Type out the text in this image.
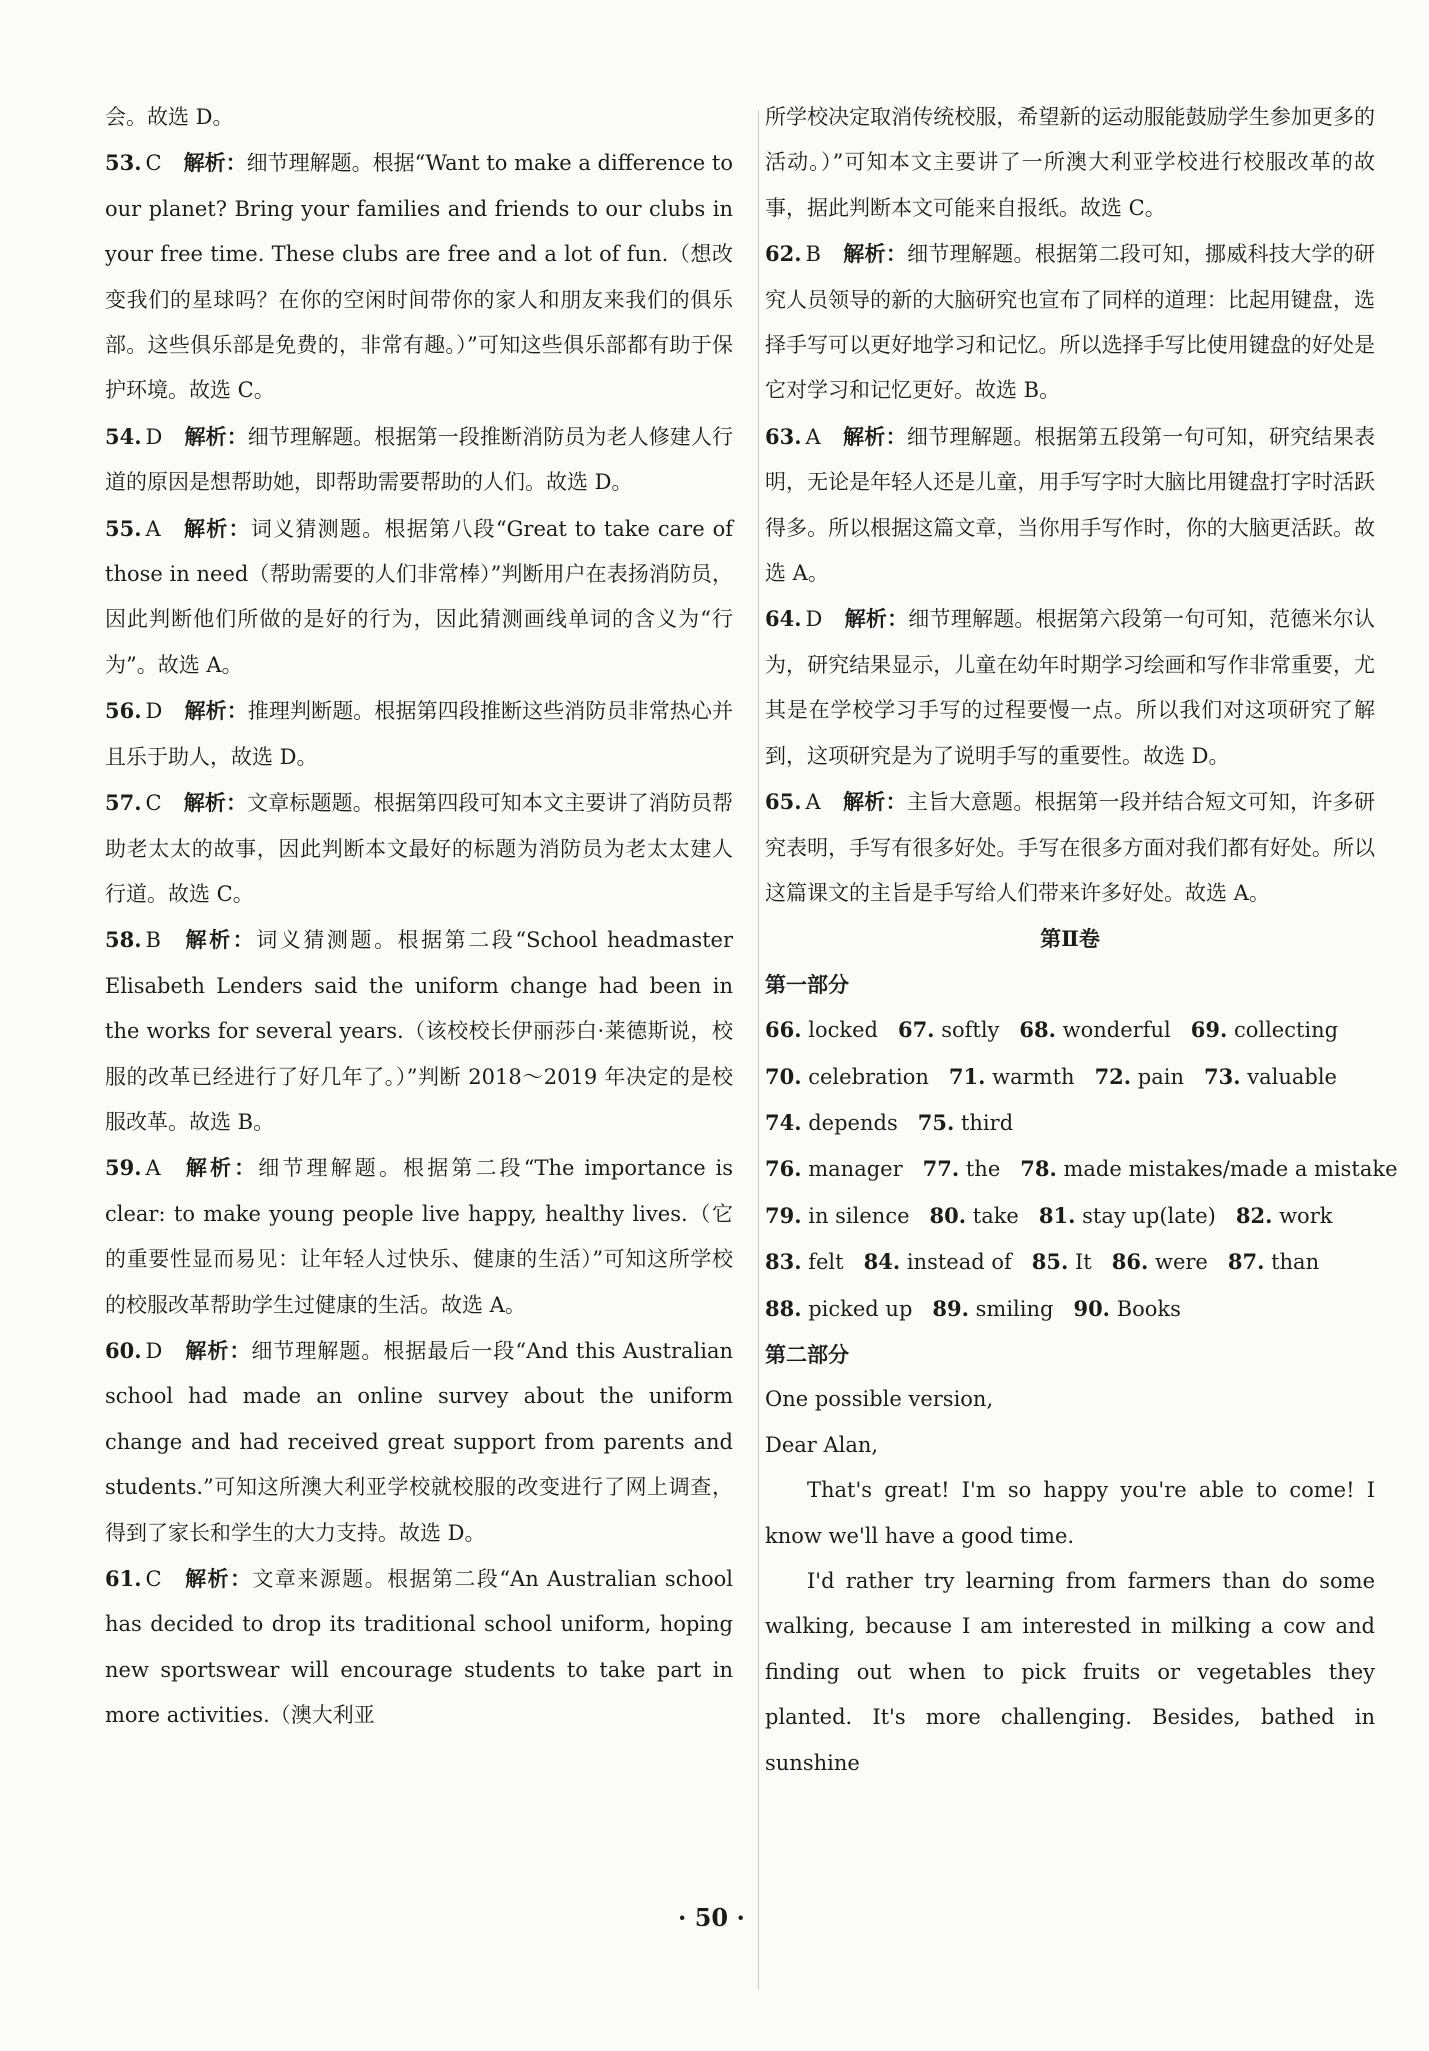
会。故选 D。
53. C 解析：细节理解题。根据“Want to make a difference to our planet? Bring your families and friends to our clubs in your free time. These clubs are free and a lot of fun.（想改变我们的星球吗？在你的空闲时间带你的家人和朋友来我们的俱乐部。这些俱乐部是免费的，非常有趣。）”可知这些俱乐部都有助于保护环境。故选 C。
54. D 解析：细节理解题。根据第一段推断消防员为老人修建人行道的原因是想帮助她，即帮助需要帮助的人们。故选 D。
55. A 解析：词义猜测题。根据第八段“Great to take care of those in need（帮助需要的人们非常棒）”判断用户在表扬消防员，因此判断他们所做的是好的行为，因此猜测画线单词的含义为“行为”。故选 A。
56. D 解析：推理判断题。根据第四段推断这些消防员非常热心并且乐于助人，故选 D。
57. C 解析：文章标题题。根据第四段可知本文主要讲了消防员帮助老太太的故事，因此判断本文最好的标题为消防员为老太太建人行道。故选 C。
58. B 解析：词义猜测题。根据第二段“School headmaster Elisabeth Lenders said the uniform change had been in the works for several years.（该校校长伊丽莎白·莱德斯说，校服的改革已经进行了好几年了。）”判断 2018～2019 年决定的是校服改革。故选 B。
59. A 解析：细节理解题。根据第二段“The importance is clear: to make young people live happy, healthy lives.（它的重要性显而易见：让年轻人过快乐、健康的生活）”可知这所学校的校服改革帮助学生过健康的生活。故选 A。
60. D 解析：细节理解题。根据最后一段“And this Australian school had made an online survey about the uniform change and had received great support from parents and students.”可知这所澳大利亚学校就校服的改变进行了网上调查，得到了家长和学生的大力支持。故选 D。
61. C 解析：文章来源题。根据第二段“An Australian school has decided to drop its traditional school uniform, hoping new sportswear will encourage students to take part in more activities.（澳大利亚
所学校决定取消传统校服，希望新的运动服能鼓励学生参加更多的活动。）”可知本文主要讲了一所澳大利亚学校进行校服改革的故事，据此判断本文可能来自报纸。故选 C。
62. B 解析：细节理解题。根据第二段可知，挪威科技大学的研究人员领导的新的大脑研究也宣布了同样的道理：比起用键盘，选择手写可以更好地学习和记忆。所以选择手写比使用键盘的好处是它对学习和记忆更好。故选 B。
63. A 解析：细节理解题。根据第五段第一句可知，研究结果表明，无论是年轻人还是儿童，用手写字时大脑比用键盘打字时活跃得多。所以根据这篇文章，当你用手写作时，你的大脑更活跃。故选 A。
64. D 解析：细节理解题。根据第六段第一句可知，范德米尔认为，研究结果显示，儿童在幼年时期学习绘画和写作非常重要，尤其是在学校学习手写的过程要慢一点。所以我们对这项研究了解到，这项研究是为了说明手写的重要性。故选 D。
65. A 解析：主旨大意题。根据第一段并结合短文可知，许多研究表明，手写有很多好处。手写在很多方面对我们都有好处。所以这篇课文的主旨是手写给人们带来许多好处。故选 A。
第Ⅱ卷
第一部分
66. locked 67. softly 68. wonderful 69. collecting
70. celebration 71. warmth 72. pain 73. valuable
74. depends 75. third
76. manager 77. the 78. made mistakes/made a mistake
79. in silence 80. take 81. stay up(late) 82. work
83. felt 84. instead of 85. It 86. were 87. than
88. picked up 89. smiling 90. Books
第二部分
One possible version,
Dear Alan,
That's great! I'm so happy you're able to come! I know we'll have a good time.
I'd rather try learning from farmers than do some walking, because I am interested in milking a cow and finding out when to pick fruits or vegetables they planted. It's more challenging. Besides, bathed in sunshine
· 50 ·
